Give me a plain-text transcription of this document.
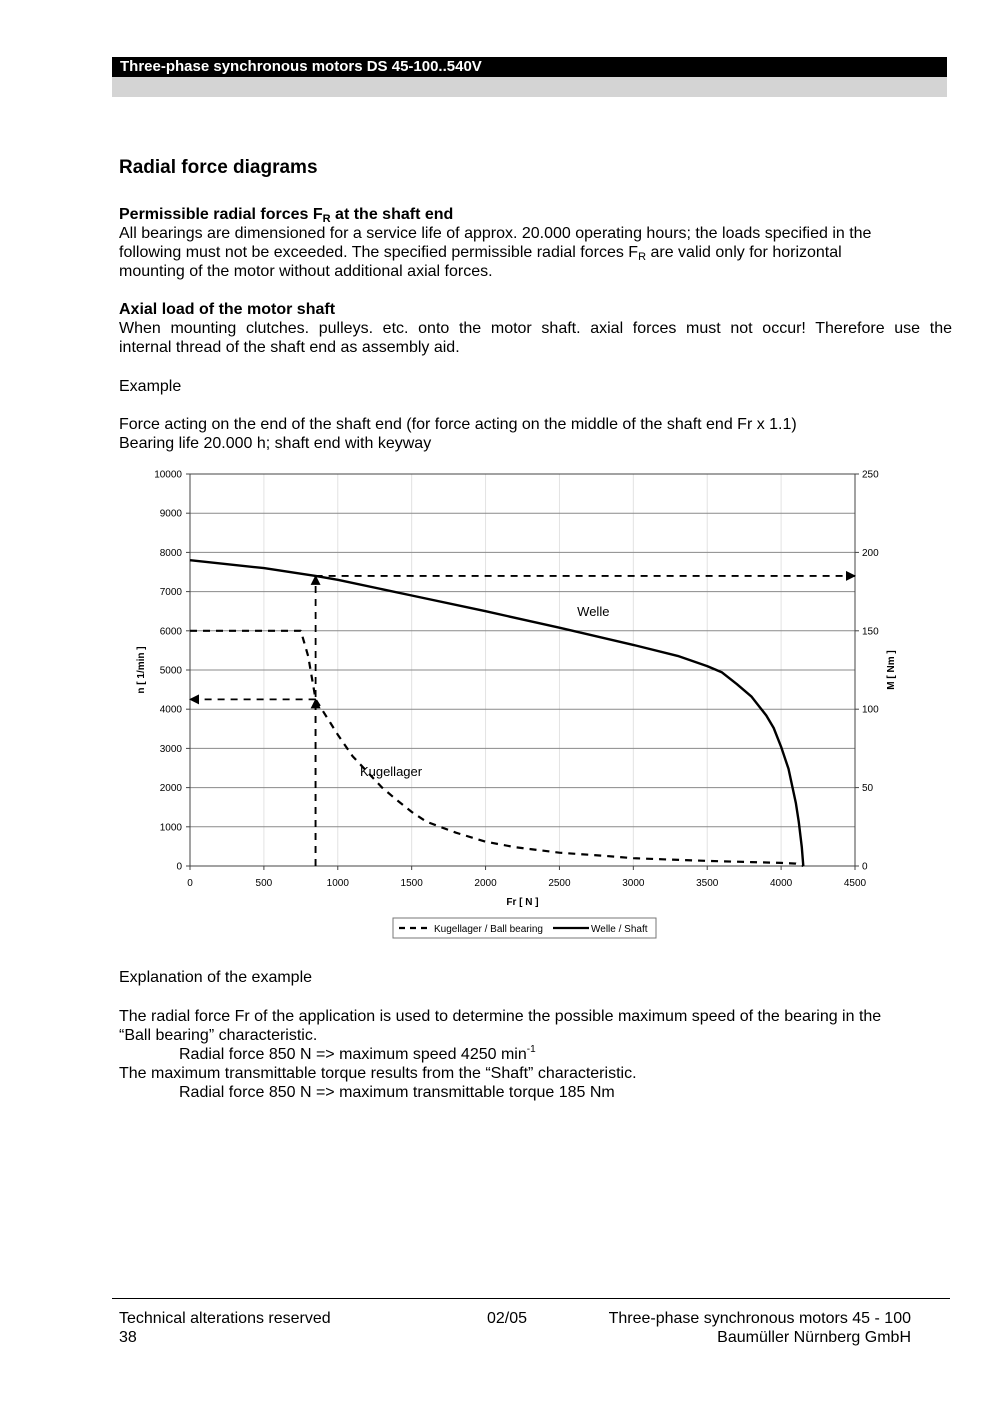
Three-phase synchronous motors DS 45-100..540V
Radial force diagrams
Permissible radial forces $F_R$ at the shaft end
All bearings are dimensioned for a service life of approx. 20.000 operating hours; the loads specified in the
following must not be exceeded. The specified permissible radial forces $F_R$ are valid only for horizontal
mounting of the motor without additional axial forces.
Axial load of the motor shaft
When mounting clutches. pulleys. etc. onto the motor shaft. axial forces must not occur! Therefore use the
internal thread of the shaft end as assembly aid.
Example
Force acting on the end of the shaft end (for force acting on the middle of the shaft end Fr x 1.1)
Bearing life 20.000 h; shaft end with keyway
0
1000
2000
3000
4000
5000
6000
7000
8000
9000
10000
0
50
100
150
200
250
0	500	1000	1500	2000	2500	3000	3500	4000	4500
Fr [ N ]
n [ 1/min ]	M [ Nm ]
Welle
Kugellager
Kugellager / Ball bearing	Welle / Shaft
Explanation of the example
The radial force Fr of the application is used to determine the possible maximum speed of the bearing in the
“Ball bearing” characteristic.
Radial force 850 N => maximum speed 4250 $\min^{-1}$
The maximum transmittable torque results from the “Shaft” characteristic.
Radial force 850 N => maximum transmittable torque 185 Nm
Technical alterations reserved
38
02/05	Three-phase synchronous motors 45 - 100
Baumüller Nürnberg GmbH
